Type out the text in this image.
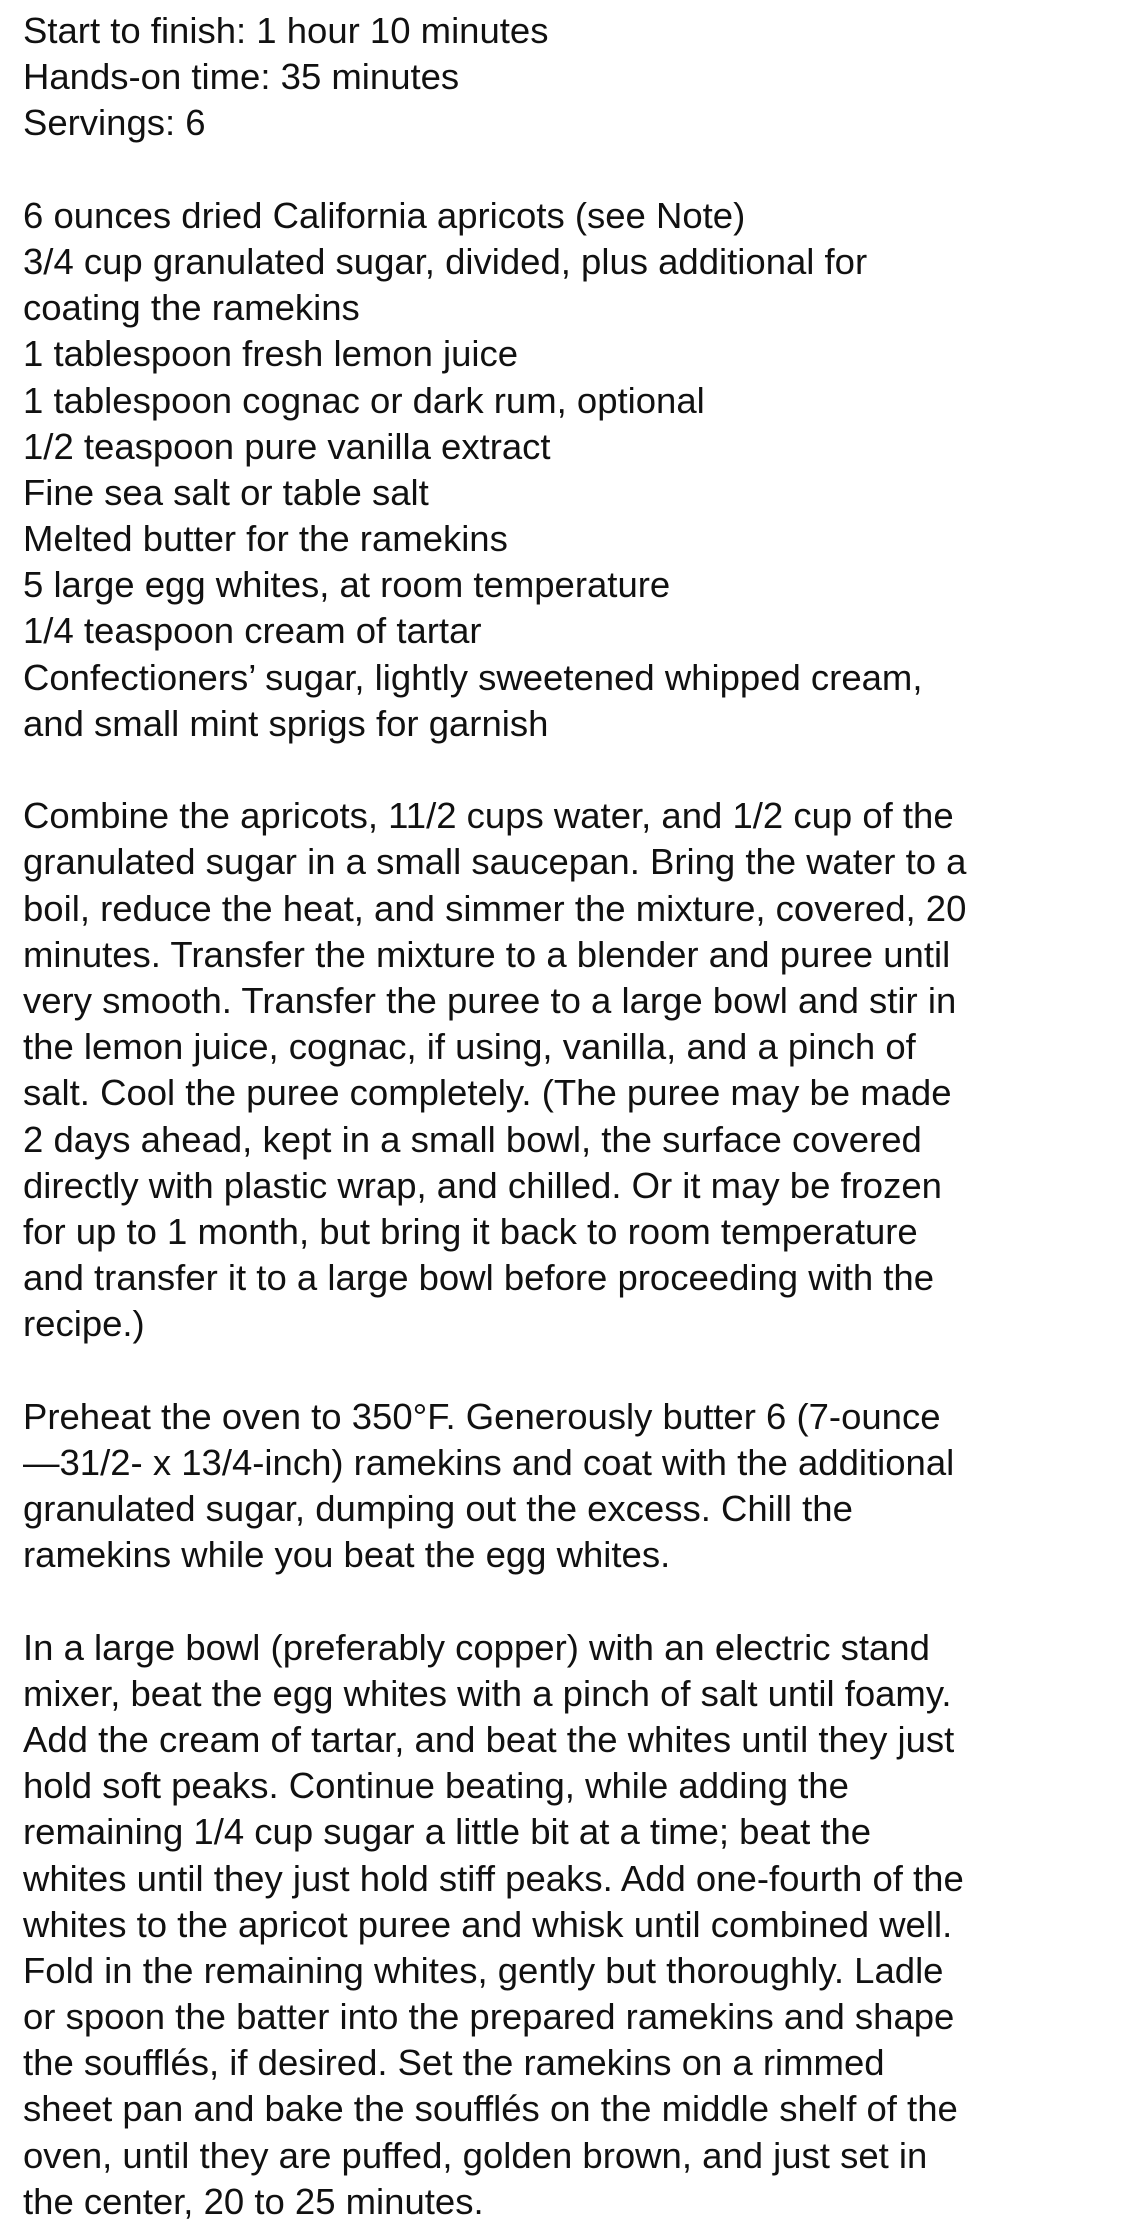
Start to finish: 1 hour 10 minutes
Hands-on time: 35 minutes
Servings: 6
6 ounces dried California apricots (see Note)
3/4 cup granulated sugar, divided, plus additional for
coating the ramekins
1 tablespoon fresh lemon juice
1 tablespoon cognac or dark rum, optional
1/2 teaspoon pure vanilla extract
Fine sea salt or table salt
Melted butter for the ramekins
5 large egg whites, at room temperature
1/4 teaspoon cream of tartar
Confectioners’ sugar, lightly sweetened whipped cream,
and small mint sprigs for garnish
Combine the apricots, 11/2 cups water, and 1/2 cup of the
granulated sugar in a small saucepan. Bring the water to a
boil, reduce the heat, and simmer the mixture, covered, 20
minutes. Transfer the mixture to a blender and puree until
very smooth. Transfer the puree to a large bowl and stir in
the lemon juice, cognac, if using, vanilla, and a pinch of
salt. Cool the puree completely. (The puree may be made
2 days ahead, kept in a small bowl, the surface covered
directly with plastic wrap, and chilled. Or it may be frozen
for up to 1 month, but bring it back to room temperature
and transfer it to a large bowl before proceeding with the
recipe.)
Preheat the oven to 350°F. Generously butter 6 (7-ounce
—31/2- x 13/4-inch) ramekins and coat with the additional
granulated sugar, dumping out the excess. Chill the
ramekins while you beat the egg whites.
In a large bowl (preferably copper) with an electric stand
mixer, beat the egg whites with a pinch of salt until foamy.
Add the cream of tartar, and beat the whites until they just
hold soft peaks. Continue beating, while adding the
remaining 1/4 cup sugar a little bit at a time; beat the
whites until they just hold stiff peaks. Add one-fourth of the
whites to the apricot puree and whisk until combined well.
Fold in the remaining whites, gently but thoroughly. Ladle
or spoon the batter into the prepared ramekins and shape
the soufflés, if desired. Set the ramekins on a rimmed
sheet pan and bake the soufflés on the middle shelf of the
oven, until they are puffed, golden brown, and just set in
the center, 20 to 25 minutes.
